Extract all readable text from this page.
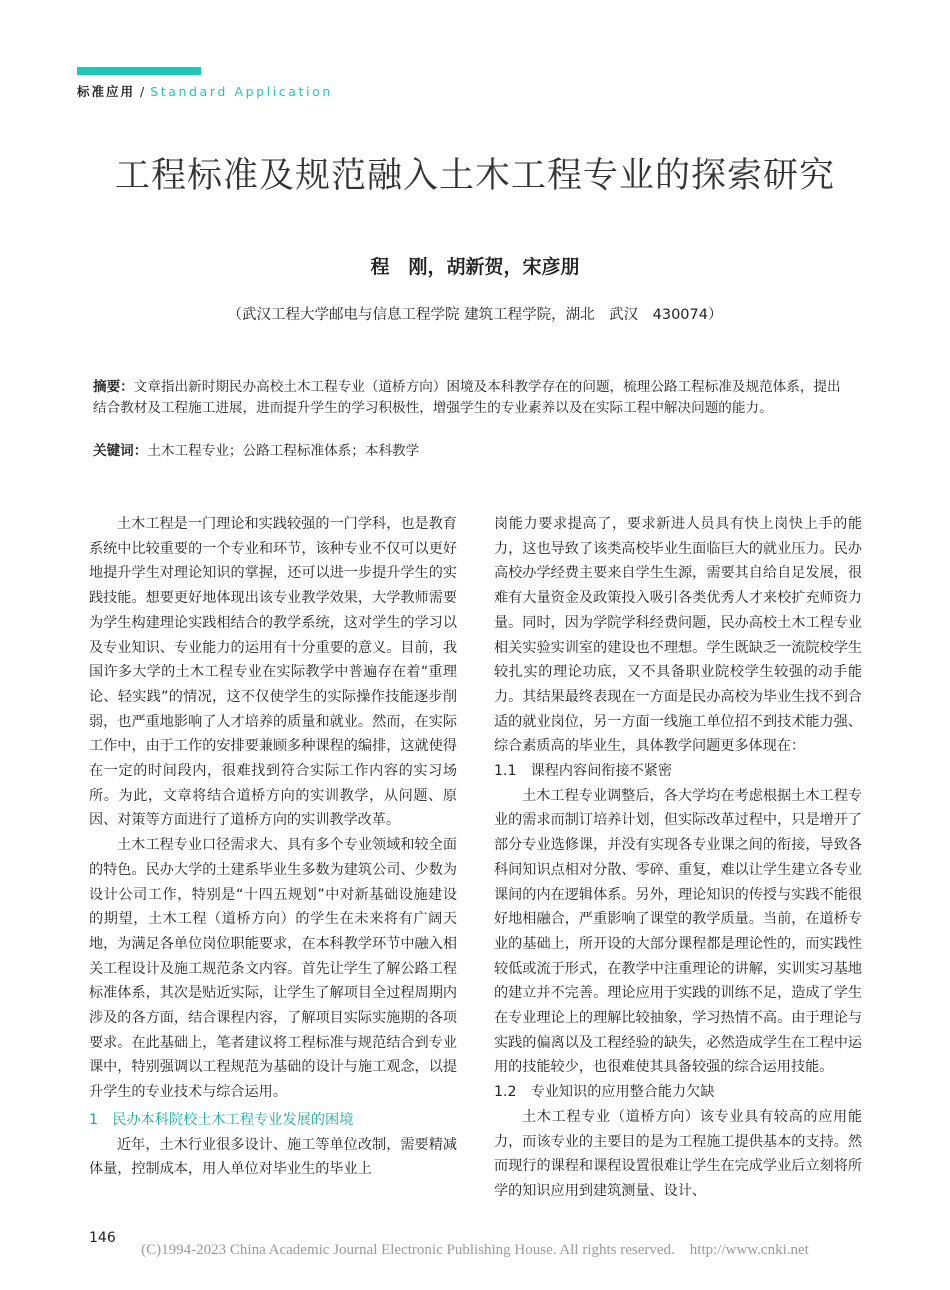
标准应用 / Standard Application
工程标准及规范融入土木工程专业的探索研究
程　刚，胡新贺，宋彦朋
（武汉工程大学邮电与信息工程学院 建筑工程学院，湖北　武汉　430074）
摘要：文章指出新时期民办高校土木工程专业（道桥方向）困境及本科教学存在的问题，梳理公路工程标准及规范体系，提出结合教材及工程施工进展，进而提升学生的学习积极性，增强学生的专业素养以及在实际工程中解决问题的能力。
关键词：土木工程专业；公路工程标准体系；本科教学

土木工程是一门理论和实践较强的一门学科，也是教育系统中比较重要的一个专业和环节，该种专业不仅可以更好地提升学生对理论知识的掌握，还可以进一步提升学生的实践技能。想要更好地体现出该专业教学效果，大学教师需要为学生构建理论实践相结合的教学系统，这对学生的学习以及专业知识、专业能力的运用有十分重要的意义。目前，我国许多大学的土木工程专业在实际教学中普遍存在着“重理论、轻实践”的情况，这不仅使学生的实际操作技能逐步削弱，也严重地影响了人才培养的质量和就业。然而，在实际工作中，由于工作的安排要兼顾多种课程的编排，这就使得在一定的时间段内，很难找到符合实际工作内容的实习场所。为此，文章将结合道桥方向的实训教学，从问题、原因、对策等方面进行了道桥方向的实训教学改革。

土木工程专业口径需求大、具有多个专业领域和较全面的特色。民办大学的土建系毕业生多数为建筑公司、少数为设计公司工作，特别是“十四五规划”中对新基础设施建设的期望，土木工程（道桥方向）的学生在未来将有广阔天地，为满足各单位岗位职能要求，在本科教学环节中融入相关工程设计及施工规范条文内容。首先让学生了解公路工程标准体系，其次是贴近实际，让学生了解项目全过程周期内涉及的各方面，结合课程内容，了解项目实际实施期的各项要求。在此基础上，笔者建议将工程标准与规范结合到专业课中，特别强调以工程规范为基础的设计与施工观念，以提升学生的专业技术与综合运用。

1　民办本科院校土木工程专业发展的困境

近年，土木行业很多设计、施工等单位改制，需要精减体量，控制成本，用人单位对毕业生的毕业上

岗能力要求提高了，要求新进人员具有快上岗快上手的能力，这也导致了该类高校毕业生面临巨大的就业压力。民办高校办学经费主要来自学生生源，需要其自给自足发展，很难有大量资金及政策投入吸引各类优秀人才来校扩充师资力量。同时，因为学院学科经费问题，民办高校土木工程专业相关实验实训室的建设也不理想。学生既缺乏一流院校学生较扎实的理论功底，又不具备职业院校学生较强的动手能力。其结果最终表现在一方面是民办高校为毕业生找不到合适的就业岗位，另一方面一线施工单位招不到技术能力强、综合素质高的毕业生，具体教学问题更多体现在：

1.1　课程内容间衔接不紧密

土木工程专业调整后，各大学均在考虑根据土木工程专业的需求而制订培养计划，但实际改革过程中，只是增开了部分专业选修课，并没有实现各专业课之间的衔接，导致各科间知识点相对分散、零碎、重复，难以让学生建立各专业课间的内在逻辑体系。另外，理论知识的传授与实践不能很好地相融合，严重影响了课堂的教学质量。当前，在道桥专业的基础上，所开设的大部分课程都是理论性的，而实践性较低或流于形式，在教学中注重理论的讲解，实训实习基地的建立并不完善。理论应用于实践的训练不足，造成了学生在专业理论上的理解比较抽象，学习热情不高。由于理论与实践的偏离以及工程经验的缺失，必然造成学生在工程中运用的技能较少，也很难使其具备较强的综合运用技能。

1.2　专业知识的应用整合能力欠缺

土木工程专业（道桥方向）该专业具有较高的应用能力，而该专业的主要目的是为工程施工提供基本的支持。然而现行的课程和课程设置很难让学生在完成学业后立刻将所学的知识应用到建筑测量、设计、

146
(C)1994-2023 China Academic Journal Electronic Publishing House. All rights reserved.    http://www.cnki.net
